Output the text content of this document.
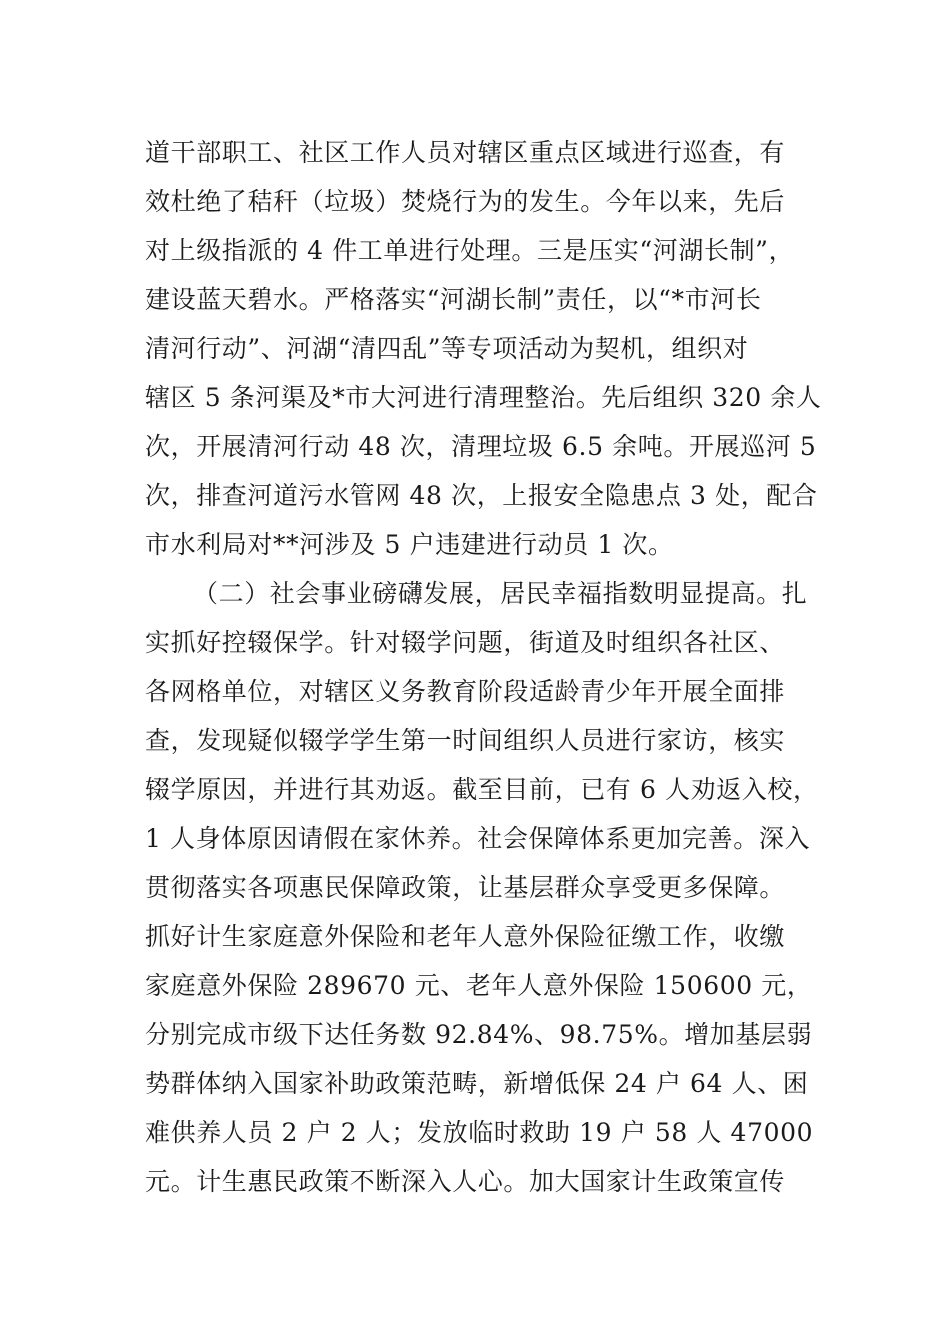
道干部职工、社区工作人员对辖区重点区域进行巡查，有
效杜绝了秸秆（垃圾）焚烧行为的发生。今年以来，先后
对上级指派的 4 件工单进行处理。三是压实“河湖长制”，
建设蓝天碧水。严格落实“河湖长制”责任，以“*市河长
清河行动”、河湖“清四乱”等专项活动为契机，组织对
辖区 5 条河渠及*市大河进行清理整治。先后组织 320 余人
次，开展清河行动 48 次，清理垃圾 6.5 余吨。开展巡河 5
次，排查河道污水管网 48 次，上报安全隐患点 3 处，配合
市水利局对**河涉及 5 户违建进行动员 1 次。
（二）社会事业磅礴发展，居民幸福指数明显提高。扎
实抓好控辍保学。针对辍学问题，街道及时组织各社区、
各网格单位，对辖区义务教育阶段适龄青少年开展全面排
查，发现疑似辍学学生第一时间组织人员进行家访，核实
辍学原因，并进行其劝返。截至目前，已有 6 人劝返入校，
1 人身体原因请假在家休养。社会保障体系更加完善。深入
贯彻落实各项惠民保障政策，让基层群众享受更多保障。
抓好计生家庭意外保险和老年人意外保险征缴工作，收缴
家庭意外保险 289670 元、老年人意外保险 150600 元，
分别完成市级下达任务数 92.84%、98.75%。增加基层弱
势群体纳入国家补助政策范畴，新增低保 24 户 64 人、困
难供养人员 2 户 2 人；发放临时救助 19 户 58 人 47000
元。计生惠民政策不断深入人心。加大国家计生政策宣传
